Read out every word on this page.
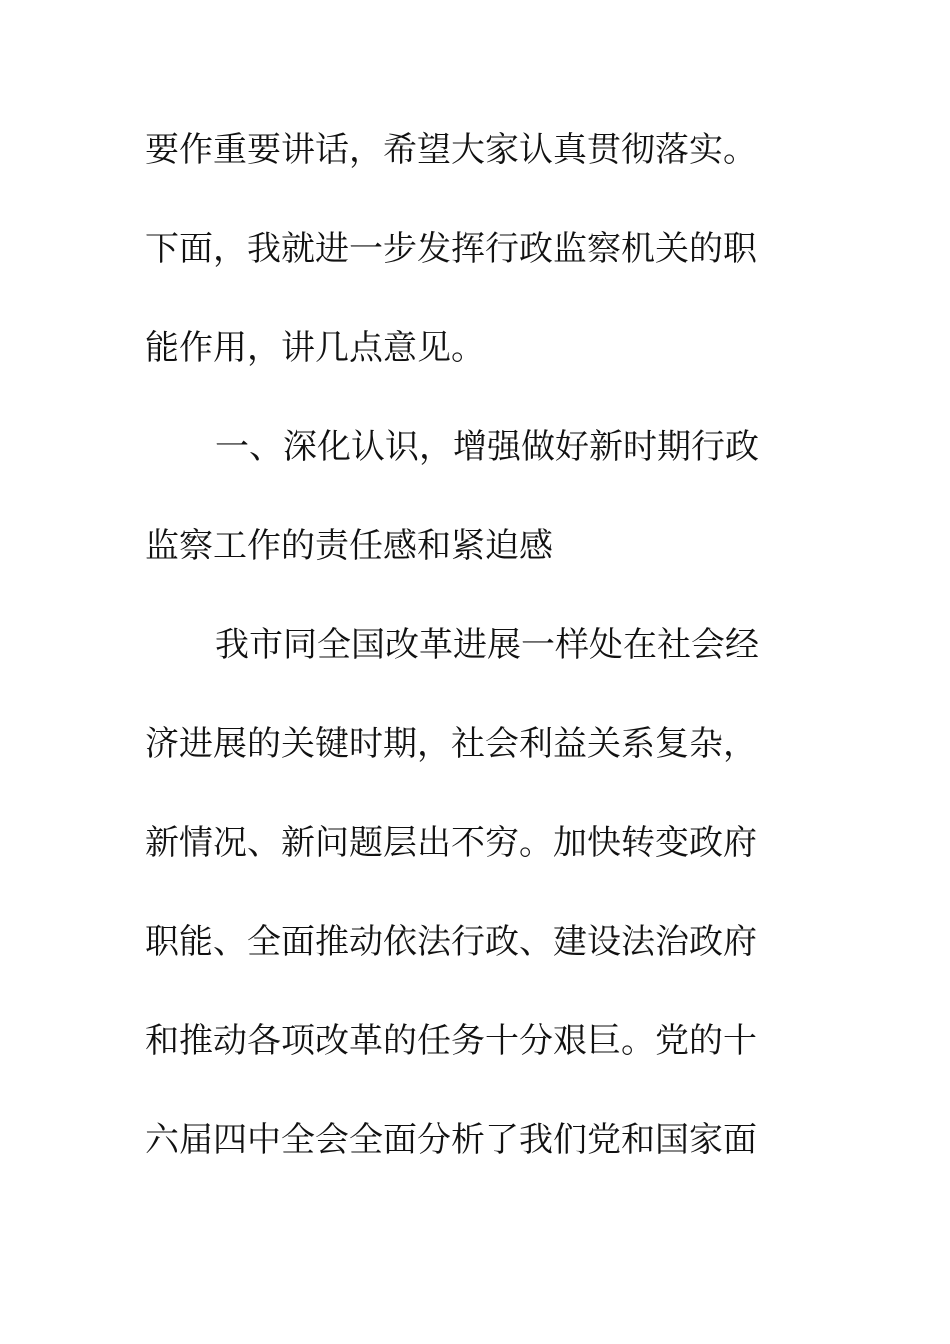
要作重要讲话，希望大家认真贯彻落实。
下面，我就进一步发挥行政监察机关的职
能作用，讲几点意见。
一、深化认识，增强做好新时期行政
监察工作的责任感和紧迫感
我市同全国改革进展一样处在社会经
济进展的关键时期，社会利益关系复杂，
新情况、新问题层出不穷。加快转变政府
职能、全面推动依法行政、建设法治政府
和推动各项改革的任务十分艰巨。党的十
六届四中全会全面分析了我们党和国家面
